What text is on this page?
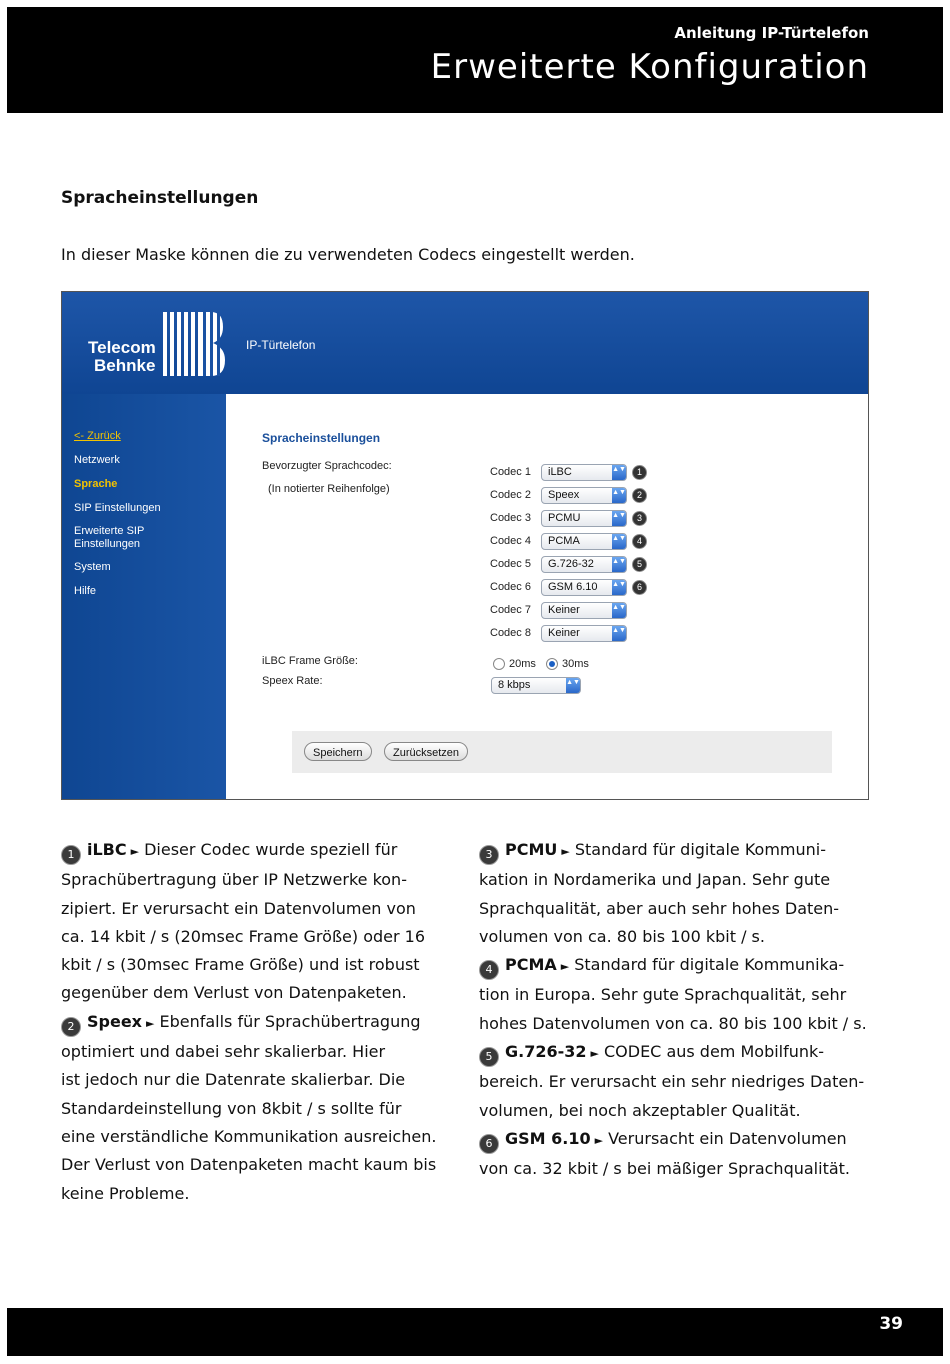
Anleitung IP-Türtelefon
Erweiterte Konfiguration
Spracheinstellungen
In dieser Maske können die zu verwendeten Codecs eingestellt werden.
Telecom
Behnke
IP-Türtelefon
<- Zurück
Netzwerk
Sprache
SIP Einstellungen
Erweiterte SIP
Einstellungen
System
Hilfe
Spracheinstellungen
Bevorzugter Sprachcodec:
(In notierter Reihenfolge)
Codec 1	iLBC	▲▼	1
Codec 2	Speex	▲▼	2
Codec 3	PCMU	▲▼	3
Codec 4	PCMA	▲▼	4
Codec 5	G.726-32	▲▼	5
Codec 6	GSM 6.10 ▲▼	6
Codec 7	Keiner	▲▼
Codec 8	Keiner	▲▼
iLBC Frame Größe:	20ms 30ms
Speex Rate:	8 kbps	▲▼
Speichern	Zurücksetzen
1 iLBC ► Dieser Codec wurde speziell für
Sprachübertragung über IP Netzwerke kon-
zipiert. Er verursacht ein Datenvolumen von
ca. 14 kbit / s (20msec Frame Größe) oder 16
kbit / s (30msec Frame Größe) und ist robust
gegenüber dem Verlust von Datenpaketen.
2 Speex ► Ebenfalls für Sprachübertragung
optimiert und dabei sehr skalierbar. Hier
ist jedoch nur die Datenrate skalierbar. Die
Standardeinstellung von 8kbit / s sollte für
eine verständliche Kommunikation ausreichen.
Der Verlust von Datenpaketen macht kaum bis
keine Probleme.
3 PCMU ► Standard für digitale Kommuni-
kation in Nordamerika und Japan. Sehr gute
Sprachqualität, aber auch sehr hohes Daten-
volumen von ca. 80 bis 100 kbit / s.
4 PCMA ► Standard für digitale Kommunika-
tion in Europa. Sehr gute Sprachqualität, sehr
hohes Datenvolumen von ca. 80 bis 100 kbit / s.
5 G.726-32 ► CODEC aus dem Mobilfunk-
bereich. Er verursacht ein sehr niedriges Daten-
volumen, bei noch akzeptabler Qualität.
6 GSM 6.10 ► Verursacht ein Datenvolumen
von ca. 32 kbit / s bei mäßiger Sprachqualität.
39
